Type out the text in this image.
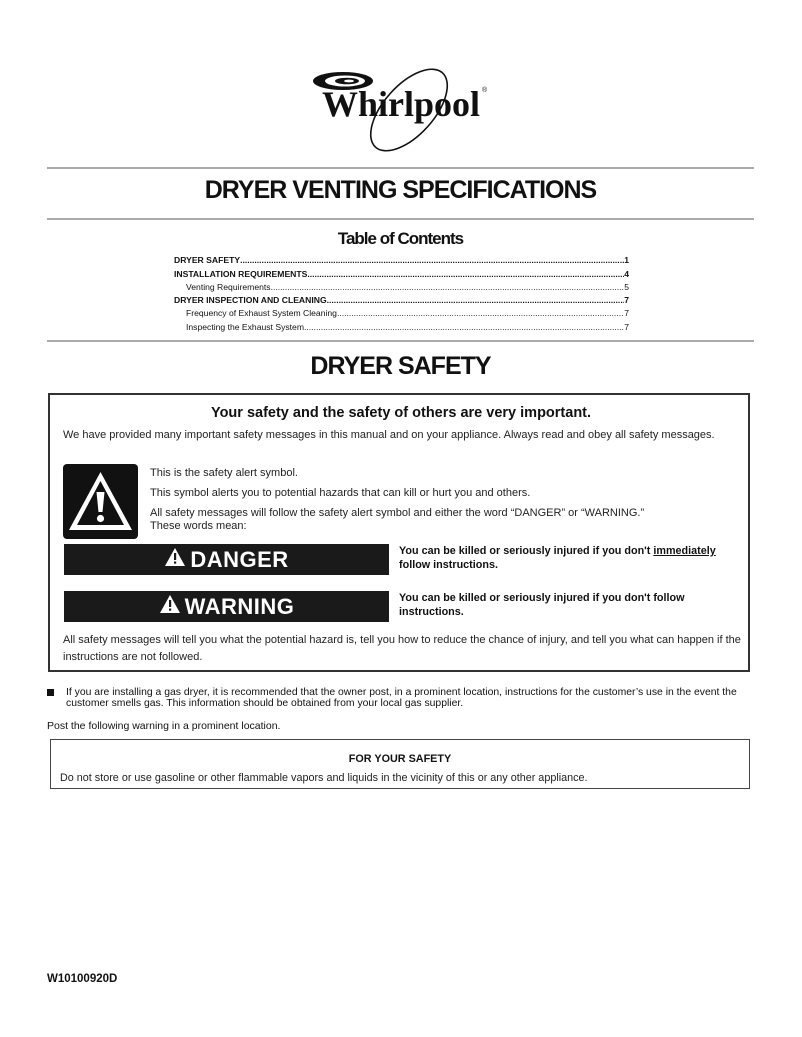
Whirlpool ®
DRYER VENTING SPECIFICATIONS
Table of Contents
DRYER SAFETY .....	1
INSTALLATION REQUIREMENTS .....	4
Venting Requirements .....	5
DRYER INSPECTION AND CLEANING .....	7
Frequency of Exhaust System Cleaning .....	7
Inspecting the Exhaust System .....	7
DRYER SAFETY
Your safety and the safety of others are very important.
We have provided many important safety messages in this manual and on your appliance. Always read and obey all safety messages.
This is the safety alert symbol.
This symbol alerts you to potential hazards that can kill or hurt you and others.
All safety messages will follow the safety alert symbol and either the word “DANGER” or “WARNING.”
These words mean:
DANGER	You can be killed or seriously injured if you don't immediately
follow instructions.
WARNING	You can be killed or seriously injured if you don't follow instructions.
All safety messages will tell you what the potential hazard is, tell you how to reduce the chance of injury, and tell you what can happen if the instructions are not followed.
If you are installing a gas dryer, it is recommended that the owner post, in a prominent location, instructions for the customer’s use in the event the customer smells gas. This information should be obtained from your local gas supplier.
Post the following warning in a prominent location.
FOR YOUR SAFETY
Do not store or use gasoline or other flammable vapors and liquids in the vicinity of this or any other appliance.
W10100920D
